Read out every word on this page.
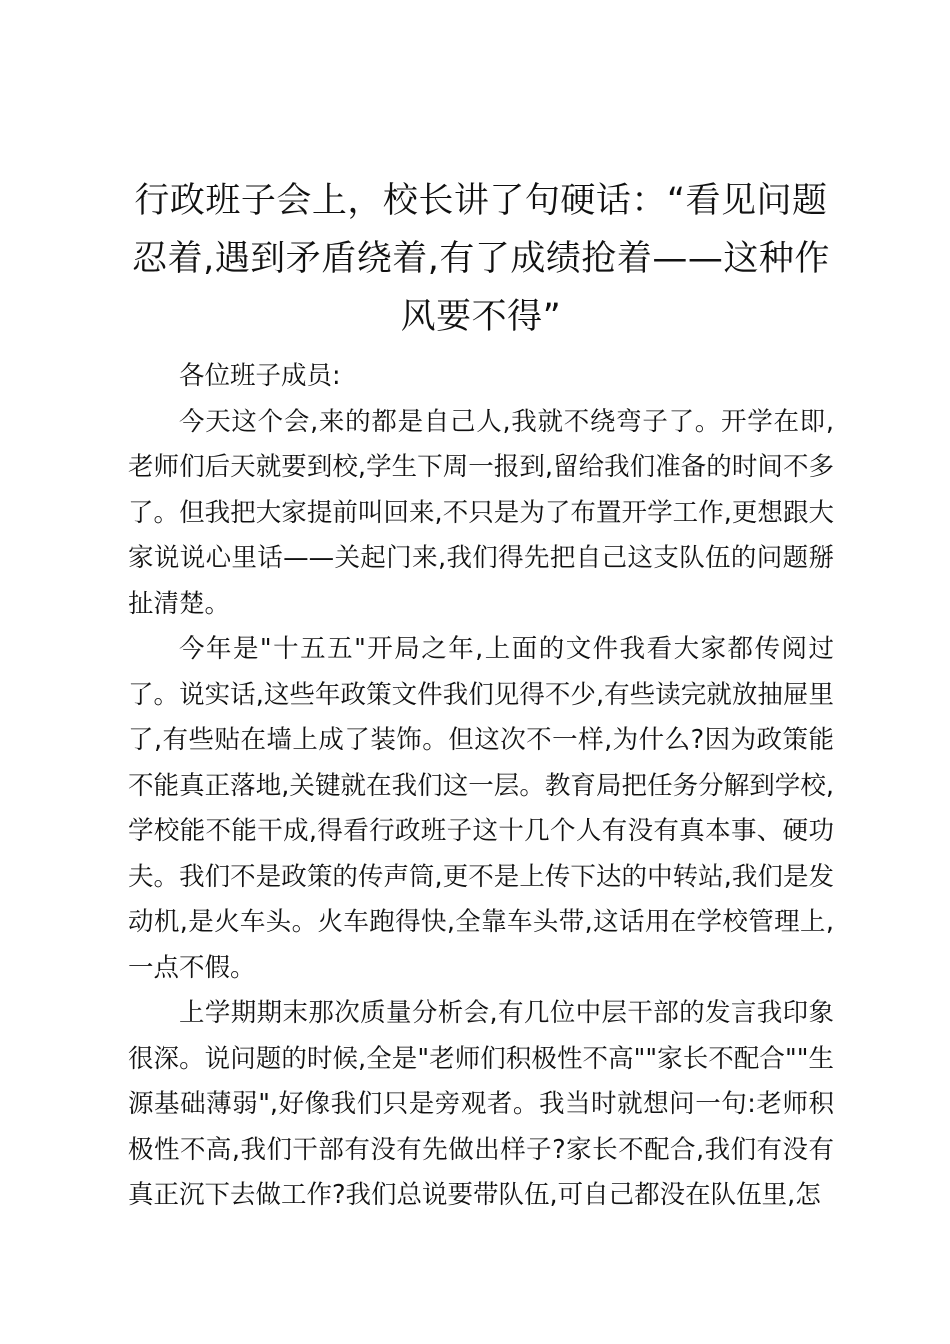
行政班子会上，校长讲了句硬话：“看见问题忍着,遇到矛盾绕着,有了成绩抢着——这种作风要不得”

各位班子成员:

今天这个会,来的都是自己人,我就不绕弯子了。开学在即,老师们后天就要到校,学生下周一报到,留给我们准备的时间不多了。但我把大家提前叫回来,不只是为了布置开学工作,更想跟大家说说心里话——关起门来,我们得先把自己这支队伍的问题掰扯清楚。

今年是"十五五"开局之年,上面的文件我看大家都传阅过了。说实话,这些年政策文件我们见得不少,有些读完就放抽屉里了,有些贴在墙上成了装饰。但这次不一样,为什么?因为政策能不能真正落地,关键就在我们这一层。教育局把任务分解到学校,学校能不能干成,得看行政班子这十几个人有没有真本事、硬功夫。我们不是政策的传声筒,更不是上传下达的中转站,我们是发动机,是火车头。火车跑得快,全靠车头带,这话用在学校管理上,一点不假。

上学期期末那次质量分析会,有几位中层干部的发言我印象很深。说问题的时候,全是"老师们积极性不高""家长不配合""生源基础薄弱",好像我们只是旁观者。我当时就想问一句:老师积极性不高,我们干部有没有先做出样子?家长不配合,我们有没有真正沉下去做工作?我们总说要带队伍,可自己都没在队伍里,怎
